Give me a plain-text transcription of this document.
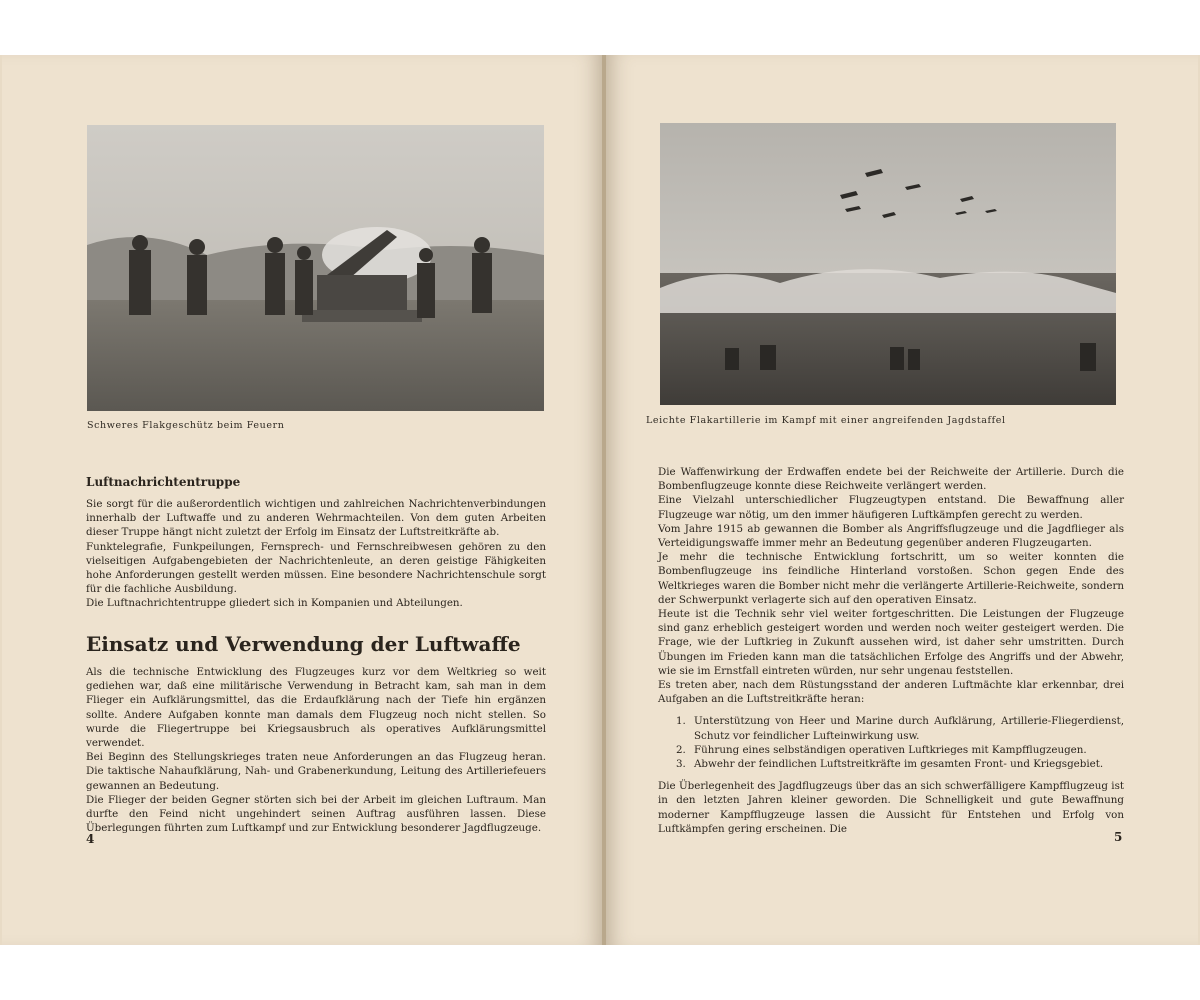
Schweres Flakgeschütz beim Feuern
Luftnachrichtentruppe

Sie sorgt für die außerordentlich wichtigen und zahlreichen Nachrichtenverbindungen innerhalb der Luftwaffe und zu anderen Wehrmachteilen. Von dem guten Arbeiten dieser Truppe hängt nicht zuletzt der Erfolg im Einsatz der Luftstreitkräfte ab.

Funktelegrafie, Funkpeilungen, Fernsprech- und Fernschreibwesen gehören zu den vielseitigen Aufgabengebieten der Nachrichtenleute, an deren geistige Fähigkeiten hohe Anforderungen gestellt werden müssen. Eine besondere Nachrichtenschule sorgt für die fachliche Ausbildung.

Die Luftnachrichtentruppe gliedert sich in Kompanien und Abteilungen.

Einsatz und Verwendung der Luftwaffe

Als die technische Entwicklung des Flugzeuges kurz vor dem Weltkrieg so weit gediehen war, daß eine militärische Verwendung in Betracht kam, sah man in dem Flieger ein Aufklärungsmittel, das die Erdaufklärung nach der Tiefe hin ergänzen sollte. Andere Aufgaben konnte man damals dem Flugzeug noch nicht stellen. So wurde die Fliegertruppe bei Kriegsausbruch als operatives Aufklärungsmittel verwendet.

Bei Beginn des Stellungskrieges traten neue Anforderungen an das Flugzeug heran. Die taktische Nahaufklärung, Nah- und Grabenerkundung, Leitung des Artilleriefeuers gewannen an Bedeutung.

Die Flieger der beiden Gegner störten sich bei der Arbeit im gleichen Luftraum. Man durfte den Feind nicht ungehindert seinen Auftrag ausführen lassen. Diese Überlegungen führten zum Luftkampf und zur Entwicklung besonderer Jagdflugzeuge.

4
Leichte Flakartillerie im Kampf mit einer angreifenden Jagdstaffel

Die Waffenwirkung der Erdwaffen endete bei der Reichweite der Artillerie. Durch die Bombenflugzeuge konnte diese Reichweite verlängert werden.

Eine Vielzahl unterschiedlicher Flugzeugtypen entstand. Die Bewaffnung aller Flugzeuge war nötig, um den immer häufigeren Luftkämpfen gerecht zu werden.

Vom Jahre 1915 ab gewannen die Bomber als Angriffsflugzeuge und die Jagdflieger als Verteidigungswaffe immer mehr an Bedeutung gegenüber anderen Flugzeugarten.

Je mehr die technische Entwicklung fortschritt, um so weiter konnten die Bombenflugzeuge ins feindliche Hinterland vorstoßen. Schon gegen Ende des Weltkrieges waren die Bomber nicht mehr die verlängerte Artillerie-Reichweite, sondern der Schwerpunkt verlagerte sich auf den operativen Einsatz.

Heute ist die Technik sehr viel weiter fortgeschritten. Die Leistungen der Flugzeuge sind ganz erheblich gesteigert worden und werden noch weiter gesteigert werden. Die Frage, wie der Luftkrieg in Zukunft aussehen wird, ist daher sehr umstritten. Durch Übungen im Frieden kann man die tatsächlichen Erfolge des Angriffs und der Abwehr, wie sie im Ernstfall eintreten würden, nur sehr ungenau feststellen.

Es treten aber, nach dem Rüstungsstand der anderen Luftmächte klar erkennbar, drei Aufgaben an die Luftstreitkräfte heran:

1. Unterstützung von Heer und Marine durch Aufklärung, Artillerie-Fliegerdienst, Schutz vor feindlicher Lufteinwirkung usw.
2. Führung eines selbständigen operativen Luftkrieges mit Kampfflugzeugen.
3. Abwehr der feindlichen Luftstreitkräfte im gesamten Front- und Kriegsgebiet.

Die Überlegenheit des Jagdflugzeugs über das an sich schwerfälligere Kampfflugzeug ist in den letzten Jahren kleiner geworden. Die Schnelligkeit und gute Bewaffnung moderner Kampfflugzeuge lassen die Aussicht für Entstehen und Erfolg von Luftkämpfen gering erscheinen. Die

5
